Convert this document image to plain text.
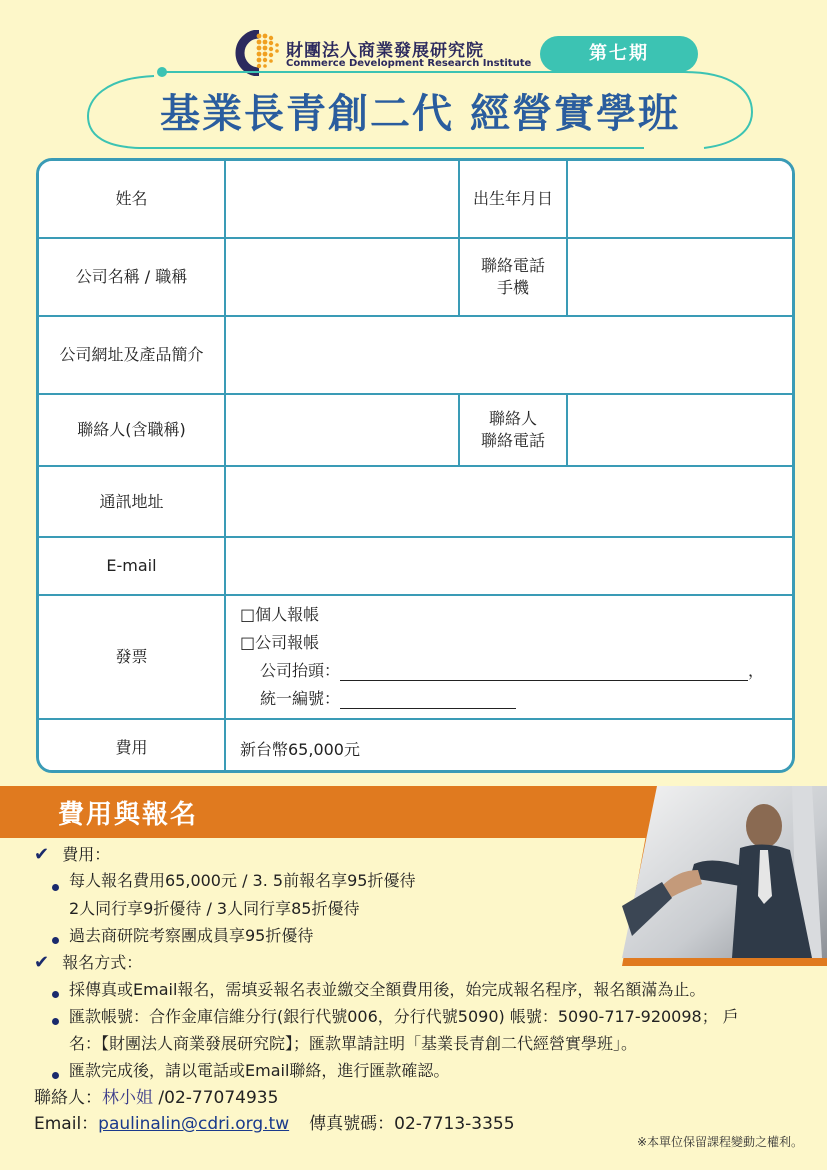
財團法人商業發展研究院
Commerce Development Research Institute	第七期
基業長青創二代 經營實學班
姓名		出生年月日	
公司名稱 / 職稱		聯絡電話
手機	

公司網址及產品簡介			
聯絡人(含職稱)		聯絡人
聯絡電話	

通訊地址			
E-mail			
發票	□個人報帳
□公司報帳
公司抬頭： ，
統一編號：		

費用	新台幣65,000元		
費用與報名
✔ 費用：
每人報名費用65,000元 / 3. 5前報名享95折優待
2人同行享9折優待 / 3人同行享85折優待
過去商研院考察團成員享95折優待
✔ 報名方式：
採傳真或Email報名，需填妥報名表並繳交全額費用後，始完成報名程序，報名額滿為止。
匯款帳號：合作金庫信維分行(銀行代號006，分行代號5090) 帳號：5090-717-920098； 戶
名：【財團法人商業發展研究院】；匯款單請註明「基業長青創二代經營實學班」。
匯款完成後，請以電話或Email聯絡，進行匯款確認。
聯絡人：林小姐 /02-77074935
Email：paulinalin@cdri.org.tw 傳真號碼：02-7713-3355
※本單位保留課程變動之權利。
